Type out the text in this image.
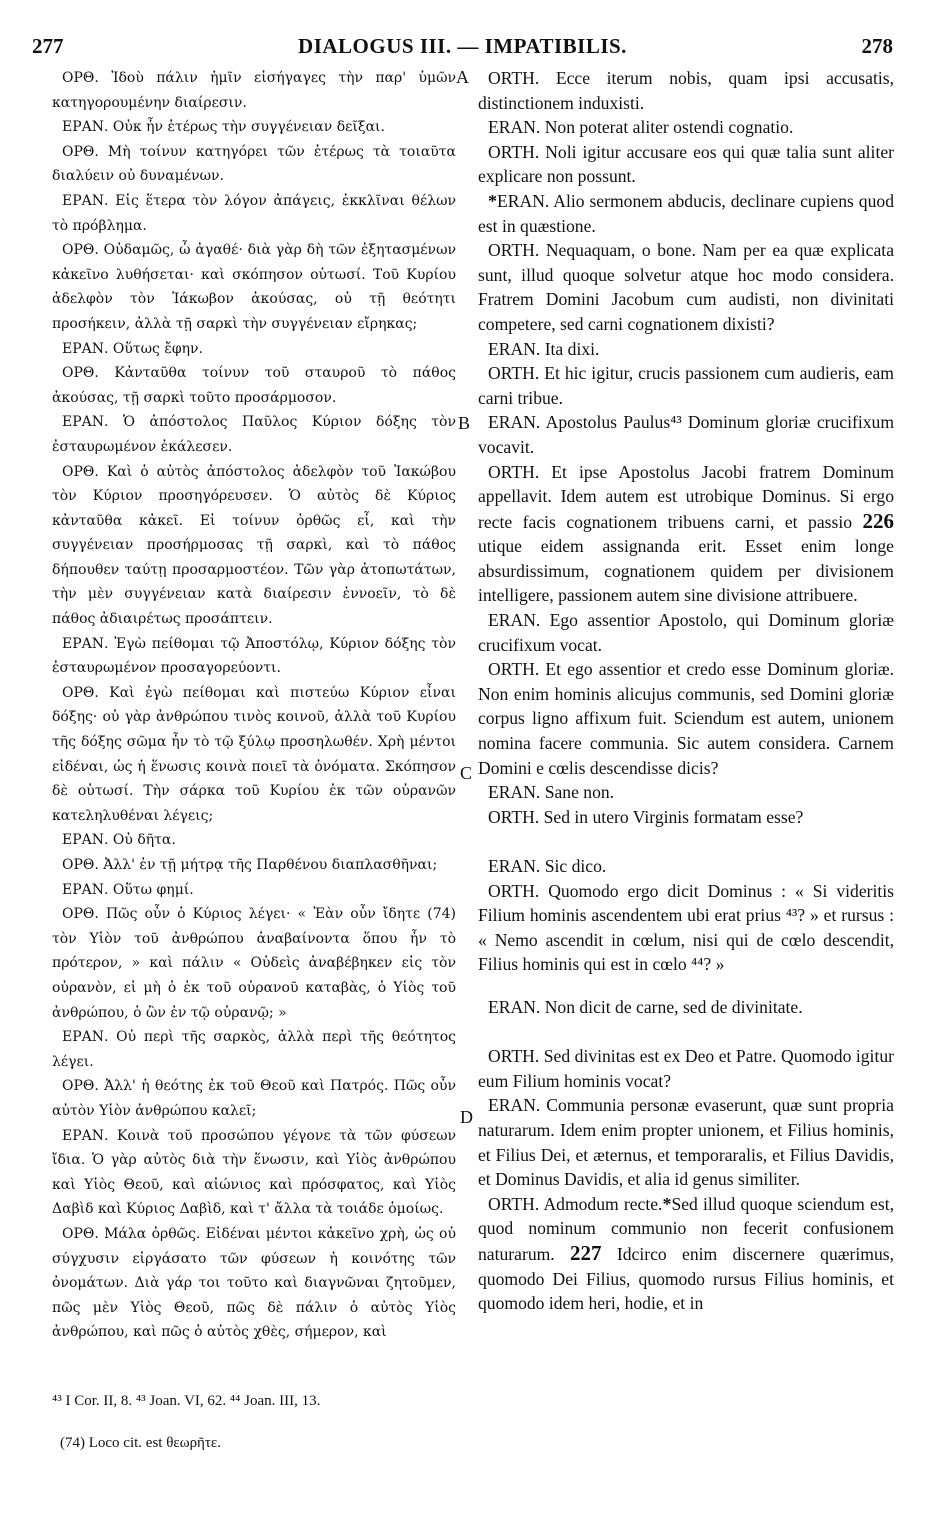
277	DIALOGUS III. — IMPATIBILIS.	278
A
B
C
D

ΟΡΘ. Ἰδοὺ πάλιν ἡμῖν εἰσήγαγες τὴν παρ' ὑμῶν κατηγορουμένην διαίρεσιν.

ΕΡΑΝ. Οὐκ ἦν ἑτέρως τὴν συγγένειαν δεῖξαι.

ΟΡΘ. Μὴ τοίνυν κατηγόρει τῶν ἑτέρως τὰ τοιαῦτα διαλύειν οὐ δυναμένων.

ΕΡΑΝ. Εἰς ἕτερα τὸν λόγον ἀπάγεις, ἐκκλῖναι θέλων τὸ πρόβλημα.

ΟΡΘ. Οὐδαμῶς, ὦ ἀγαθέ· διὰ γὰρ δὴ τῶν ἐξητασμένων κἀκεῖνο λυθήσεται· καὶ σκόπησον οὑτωσί. Τοῦ Κυρίου ἀδελφὸν τὸν Ἰάκωβον ἀκούσας, οὐ τῇ θεότητι προσήκειν, ἀλλὰ τῇ σαρκὶ τὴν συγγένειαν εἴρηκας;

ΕΡΑΝ. Οὕτως ἔφην.

ΟΡΘ. Κἀνταῦθα τοίνυν τοῦ σταυροῦ τὸ πάθος ἀκούσας, τῇ σαρκὶ τοῦτο προσάρμοσον.

ΕΡΑΝ. Ὁ ἀπόστολος Παῦλος Κύριον δόξης τὸν ἐσταυρωμένον ἐκάλεσεν.

ΟΡΘ. Καὶ ὁ αὐτὸς ἀπόστολος ἀδελφὸν τοῦ Ἰακώβου τὸν Κύριον προσηγόρευσεν. Ὁ αὐτὸς δὲ Κύριος κἀνταῦθα κἀκεῖ. Εἰ τοίνυν ὀρθῶς εἶ, καὶ τὴν συγγένειαν προσήρμοσας τῇ σαρκὶ, καὶ τὸ πάθος δήπουθεν ταύτῃ προσαρμοστέον. Τῶν γὰρ ἀτοπωτάτων, τὴν μὲν συγγένειαν κατὰ διαίρεσιν ἐννοεῖν, τὸ δὲ πάθος ἀδιαιρέτως προσάπτειν.

ΕΡΑΝ. Ἐγὼ πείθομαι τῷ Ἀποστόλῳ, Κύριον δόξης τὸν ἐσταυρωμένον προσαγορεύοντι.

ΟΡΘ. Καὶ ἐγὼ πείθομαι καὶ πιστεύω Κύριον εἶναι δόξης· οὐ γὰρ ἀνθρώπου τινὸς κοινοῦ, ἀλλὰ τοῦ Κυρίου τῆς δόξης σῶμα ἦν τὸ τῷ ξύλῳ προσηλωθέν. Χρὴ μέντοι εἰδέναι, ὡς ἡ ἕνωσις κοινὰ ποιεῖ τὰ ὀνόματα. Σκόπησον δὲ οὑτωσί. Τὴν σάρκα τοῦ Κυρίου ἐκ τῶν οὐρανῶν κατεληλυθέναι λέγεις;

ΕΡΑΝ. Οὐ δῆτα.

ΟΡΘ. Ἀλλ' ἐν τῇ μήτρᾳ τῆς Παρθένου διαπλασθῆναι;

ΕΡΑΝ. Οὕτω φημί.

ΟΡΘ. Πῶς οὖν ὁ Κύριος λέγει· « Ἐὰν οὖν ἴδητε (74) τὸν Υἱὸν τοῦ ἀνθρώπου ἀναβαίνοντα ὅπου ἦν τὸ πρότερον, » καὶ πάλιν « Οὐδεὶς ἀναβέβηκεν εἰς τὸν οὐρανὸν, εἰ μὴ ὁ ἐκ τοῦ οὐρανοῦ καταβὰς, ὁ Υἱὸς τοῦ ἀνθρώπου, ὁ ὢν ἐν τῷ οὐρανῷ; »

ΕΡΑΝ. Οὐ περὶ τῆς σαρκὸς, ἀλλὰ περὶ τῆς θεότητος λέγει.

ΟΡΘ. Ἀλλ' ἡ θεότης ἐκ τοῦ Θεοῦ καὶ Πατρός. Πῶς οὖν αὐτὸν Υἱὸν ἀνθρώπου καλεῖ;

ΕΡΑΝ. Κοινὰ τοῦ προσώπου γέγονε τὰ τῶν φύσεων ἴδια. Ὁ γὰρ αὐτὸς διὰ τὴν ἕνωσιν, καὶ Υἱὸς ἀνθρώπου καὶ Υἱὸς Θεοῦ, καὶ αἰώνιος καὶ πρόσφατος, καὶ Υἱὸς Δαβὶδ καὶ Κύριος Δαβὶδ, καὶ τ' ἄλλα τὰ τοιάδε ὁμοίως.

ΟΡΘ. Μάλα ὀρθῶς. Εἰδέναι μέντοι κἀκεῖνο χρὴ, ὡς οὐ σύγχυσιν εἰργάσατο τῶν φύσεων ἡ κοινότης τῶν ὀνομάτων. Διὰ γάρ τοι τοῦτο καὶ διαγνῶναι ζητοῦμεν, πῶς μὲν Υἱὸς Θεοῦ, πῶς δὲ πάλιν ὁ αὐτὸς Υἱὸς ἀνθρώπου, καὶ πῶς ὁ αὐτὸς χθὲς, σήμερον, καὶ

ORTH. Ecce iterum nobis, quam ipsi accusatis, distinctionem induxisti.

ERAN. Non poterat aliter ostendi cognatio.

ORTH. Noli igitur accusare eos qui quæ talia sunt aliter explicare non possunt.

*ERAN. Alio sermonem abducis, declinare cupiens quod est in quæstione.

ORTH. Nequaquam, o bone. Nam per ea quæ explicata sunt, illud quoque solvetur atque hoc modo considera. Fratrem Domini Jacobum cum audisti, non divinitati competere, sed carni cognationem dixisti?

ERAN. Ita dixi.

ORTH. Et hic igitur, crucis passionem cum audieris, eam carni tribue.

ERAN. Apostolus Paulus⁴³ Dominum gloriæ crucifixum vocavit.

ORTH. Et ipse Apostolus Jacobi fratrem Dominum appellavit. Idem autem est utrobique Dominus. Si ergo recte facis cognationem tribuens carni, et passio 226 utique eidem assignanda erit. Esset enim longe absurdissimum, cognationem quidem per divisionem intelligere, passionem autem sine divisione attribuere.

ERAN. Ego assentior Apostolo, qui Dominum gloriæ crucifixum vocat.

ORTH. Et ego assentior et credo esse Dominum gloriæ. Non enim hominis alicujus communis, sed Domini gloriæ corpus ligno affixum fuit. Sciendum est autem, unionem nomina facere communia. Sic autem considera. Carnem Domini e cœlis descendisse dicis?

ERAN. Sane non.

ORTH. Sed in utero Virginis formatam esse?

ERAN. Sic dico.

ORTH. Quomodo ergo dicit Dominus : « Si videritis Filium hominis ascendentem ubi erat prius ⁴³? » et rursus : « Nemo ascendit in cœlum, nisi qui de cœlo descendit, Filius hominis qui est in cœlo ⁴⁴? »

ERAN. Non dicit de carne, sed de divinitate.

ORTH. Sed divinitas est ex Deo et Patre. Quomodo igitur eum Filium hominis vocat?

ERAN. Communia personæ evaserunt, quæ sunt propria naturarum. Idem enim propter unionem, et Filius hominis, et Filius Dei, et æternus, et temporaralis, et Filius Davidis, et Dominus Davidis, et alia id genus similiter.

ORTH. Admodum recte.*Sed illud quoque sciendum est, quod nominum communio non fecerit confusionem naturarum. 227 Idcirco enim discernere quærimus, quomodo Dei Filius, quomodo rursus Filius hominis, et quomodo idem heri, hodie, et in

⁴³ I Cor. II, 8. ⁴³ Joan. VI, 62. ⁴⁴ Joan. III, 13.
(74) Loco cit. est θεωρῆτε.
